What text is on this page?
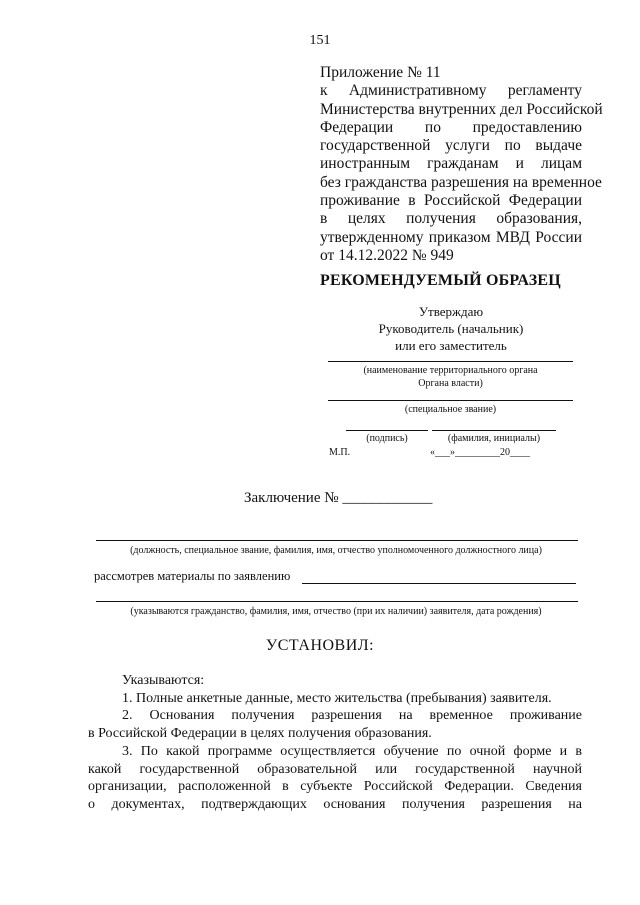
151
Приложение № 11
к Административному регламенту
Министерства внутренних дел Российской
Федерации по предоставлению
государственной услуги по выдаче
иностранным гражданам и лицам
без гражданства разрешения на временное
проживание в Российской Федерации
в целях получения образования,
утвержденному приказом МВД России
от 14.12.2022 № 949
РЕКОМЕНДУЕМЫЙ ОБРАЗЕЦ
Утверждаю
Руководитель (начальник)
или его заместитель
(наименование территориального органа
Органа власти)
(специальное звание)
(подпись)	(фамилия, инициалы)
М.П.	«___»_________20____
Заключение № ____________
(должность, специальное звание, фамилия, имя, отчество уполномоченного должностного лица)
рассмотрев материалы по заявлению
(указываются гражданство, фамилия, имя, отчество (при их наличии) заявителя, дата рождения)
УСТАНОВИЛ:
Указываются:
1. Полные анкетные данные, место жительства (пребывания) заявителя.
2. Основания получения разрешения на временное проживание
в Российской Федерации в целях получения образования.
3. По какой программе осуществляется обучение по очной форме и в
какой государственной образовательной или государственной научной
организации, расположенной в субъекте Российской Федерации. Сведения
о документах, подтверждающих основания получения разрешения на
